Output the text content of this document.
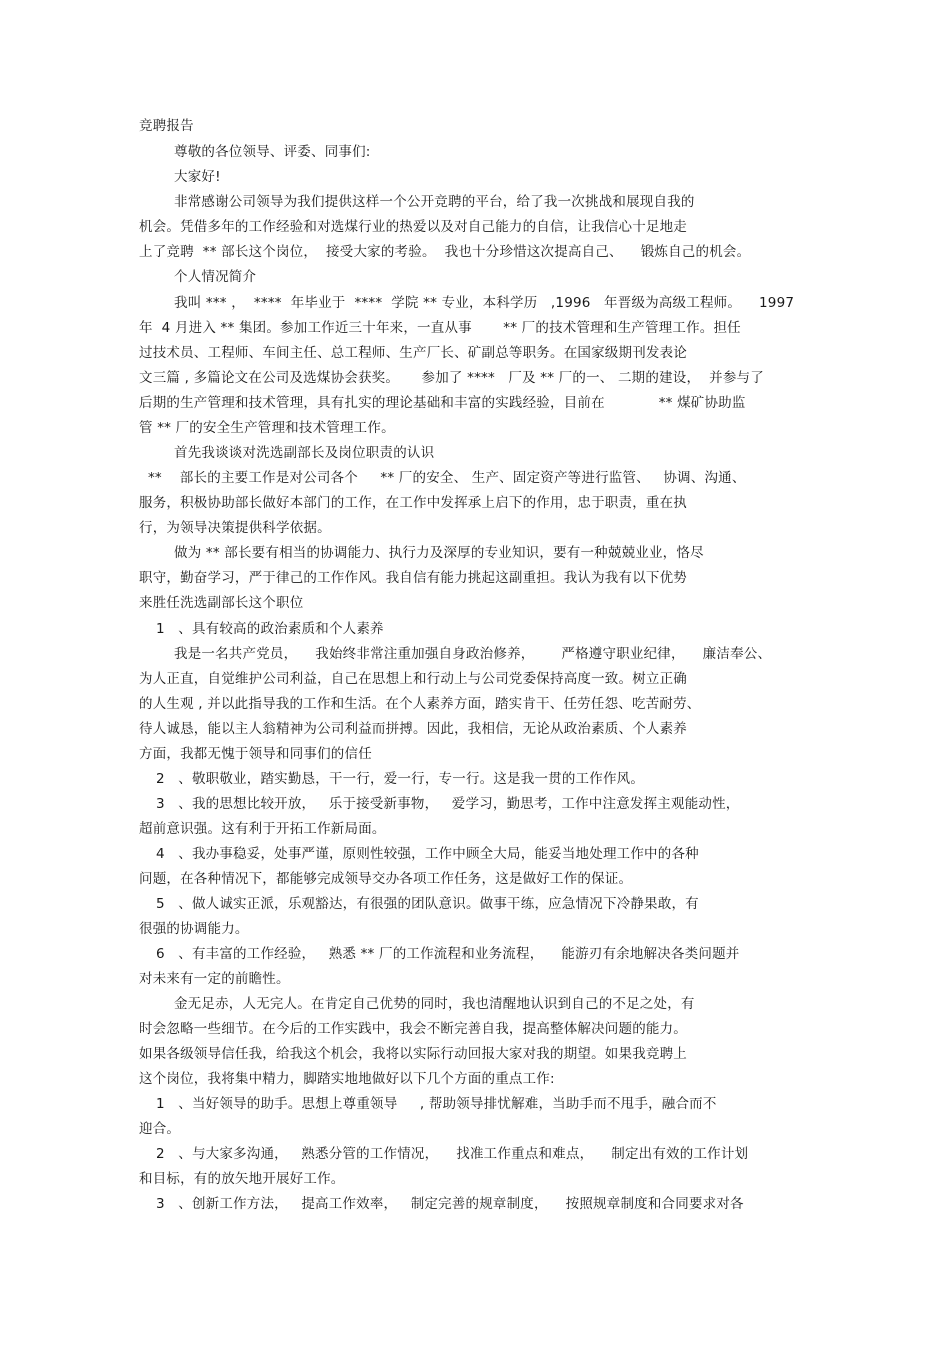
竞聘报告
尊敬的各位领导、评委、同事们:
大家好!
非常感谢公司领导为我们提供这样一个公开竞聘的平台，给了我一次挑战和展现自我的
机会。凭借多年的工作经验和对选煤行业的热爱以及对自己能力的自信，让我信心十足地走
上了竞聘  ** 部长这个岗位，  接受大家的考验。  我也十分珍惜这次提高自己、    锻炼自己的机会。
个人情况简介
我叫 *** ，  ****  年毕业于  ****  学院 ** 专业，本科学历   ,1996   年晋级为高级工程师。    1997
年  4 月进入 ** 集团。参加工作近三十年来，一直从事       ** 厂的技术管理和生产管理工作。担任
过技术员、工程师、车间主任、总工程师、生产厂长、矿副总等职务。在国家级期刊发表论
文三篇 , 多篇论文在公司及选煤协会获奖。     参加了 ****   厂及 ** 厂的一、 二期的建设，  并参与了
后期的生产管理和技术管理，具有扎实的理论基础和丰富的实践经验，目前在            ** 煤矿协助监
管 ** 厂的安全生产管理和技术管理工作。
首先我谈谈对洗选副部长及岗位职责的认识
**    部长的主要工作是对公司各个     ** 厂的安全、 生产、固定资产等进行监管、   协调、沟通、
服务，积极协助部长做好本部门的工作，在工作中发挥承上启下的作用，忠于职责，重在执
行，为领导决策提供科学依据。
做为 ** 部长要有相当的协调能力、执行力及深厚的专业知识，要有一种兢兢业业，恪尽
职守，勤奋学习，严于律己的工作作风。我自信有能力挑起这副重担。我认为我有以下优势
来胜任洗选副部长这个职位
1   、具有较高的政治素质和个人素养
我是一名共产党员，    我始终非常注重加强自身政治修养，      严格遵守职业纪律，    廉洁奉公、
为人正直，自觉维护公司利益，自己在思想上和行动上与公司党委保持高度一致。树立正确
的人生观 , 并以此指导我的工作和生活。在个人素养方面，踏实肯干、任劳任怨、吃苦耐劳、
待人诚恳，能以主人翁精神为公司利益而拼搏。因此，我相信，无论从政治素质、个人素养
方面，我都无愧于领导和同事们的信任
2   、敬职敬业，踏实勤恳，干一行，爱一行，专一行。这是我一贯的工作作风。
3   、我的思想比较开放，   乐于接受新事物，   爱学习，勤思考，工作中注意发挥主观能动性，
超前意识强。这有利于开拓工作新局面。
4   、我办事稳妥，处事严谨，原则性较强，工作中顾全大局，能妥当地处理工作中的各种
问题，在各种情况下，都能够完成领导交办各项工作任务，这是做好工作的保证。
5   、做人诚实正派，乐观豁达，有很强的团队意识。做事干练，应急情况下冷静果敢，有
很强的协调能力。
6   、有丰富的工作经验，   熟悉 ** 厂的工作流程和业务流程，    能游刃有余地解决各类问题并
对未来有一定的前瞻性。
金无足赤，人无完人。在肯定自己优势的同时，我也清醒地认识到自己的不足之处，有
时会忽略一些细节。在今后的工作实践中，我会不断完善自我，提高整体解决问题的能力。
如果各级领导信任我，给我这个机会，我将以实际行动回报大家对我的期望。如果我竞聘上
这个岗位，我将集中精力，脚踏实地地做好以下几个方面的重点工作:
1   、当好领导的助手。思想上尊重领导     , 帮助领导排忧解难，当助手而不甩手，融合而不
迎合。
2   、与大家多沟通，   熟悉分管的工作情况，    找准工作重点和难点，    制定出有效的工作计划
和目标，有的放矢地开展好工作。
3   、创新工作方法，   提高工作效率，   制定完善的规章制度，    按照规章制度和合同要求对各
